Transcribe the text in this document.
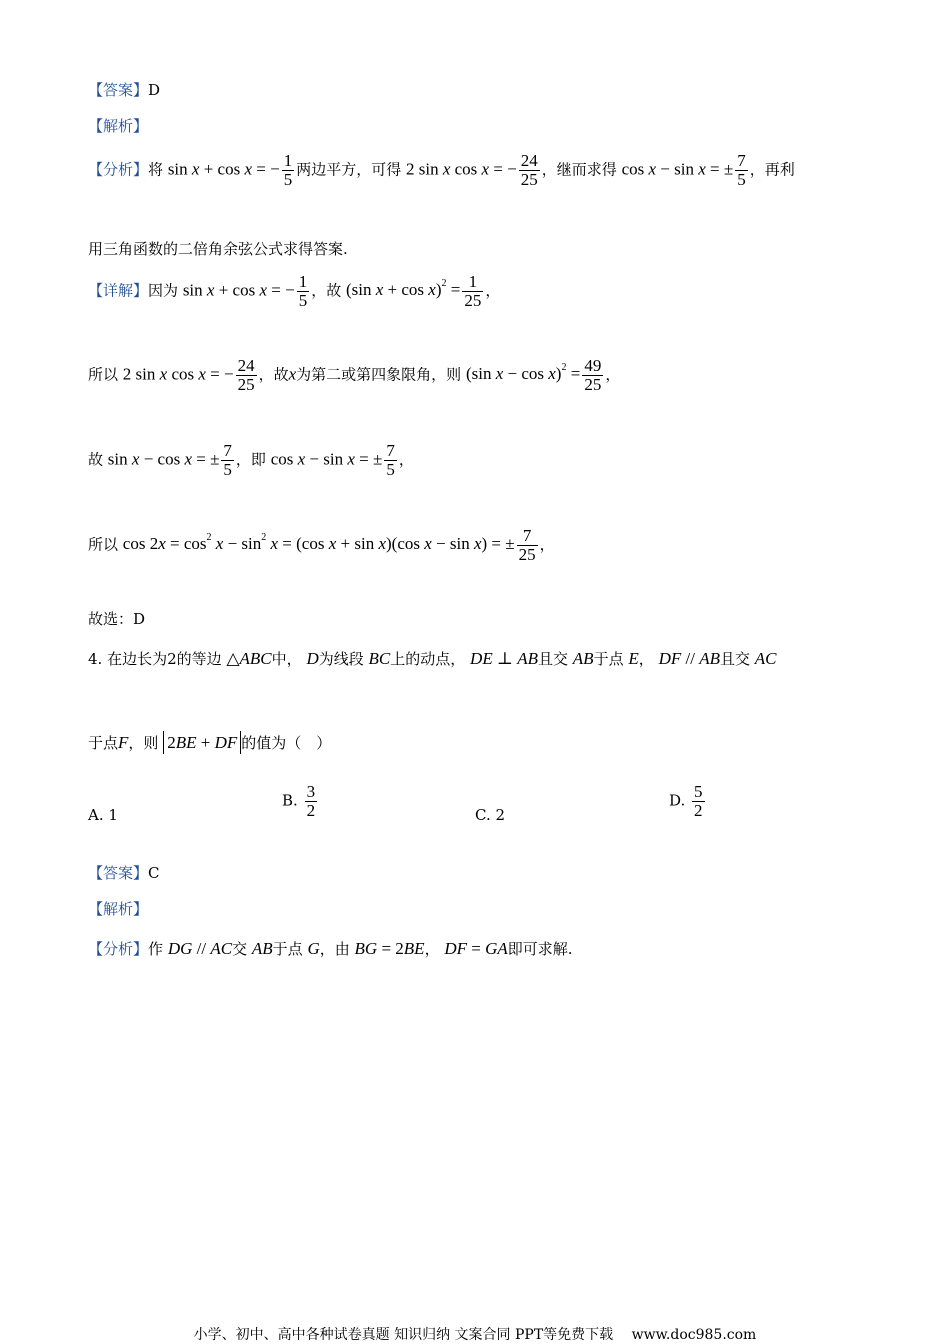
【答案】D
【解析】
【分析】将 sin x + cos x = − $\frac{1}{5}$ 两边平方，可得 2 sin x cos x = − $\frac{24}{25}$ ，继而求得 cos x − sin x = ± $\frac{7}{5}$ ，再利
用三角函数的二倍角余弦公式求得答案.
【详解】因为 sin x + cos x = − $\frac{1}{5}$ ，故 (sin $x + \cos x)^2 = \frac{1}{25}$ ，
所以 2 sin x cos x = − $\frac{24}{25}$ ，故x为第二或第四象限角，则 (sin $x - \cos x)^2 = \frac{49}{25}$ ，
故 sin x − cos x = ± $\frac{7}{5}$ ，即 cos x − sin x = ± $\frac{7}{5}$ ，
所以 $\cos 2x = \cos^2 x - \sin^2 x = (\cos$ x + sin x)(cos x − sin x) = ± $\frac{7}{25}$ ，
故选：D
4. 在边长为2的等边 △ABC中， D为线段 BC上的动点， DE ⊥ AB且交 AB于点 E， DF // AB且交 AC
于点F，则 2BE + DF 的值为（　）
A. 1
B. $\frac{3}{2}$	C. 2
D. $\frac{5}{2}$
【答案】C
【解析】
【分析】作 DG // AC交 AB于点 G，由 BG = 2BE， DF = GA即可求解.
小学、初中、高中各种试卷真题 知识归纳 文案合同 PPT等免费下载　 www.doc985.com
